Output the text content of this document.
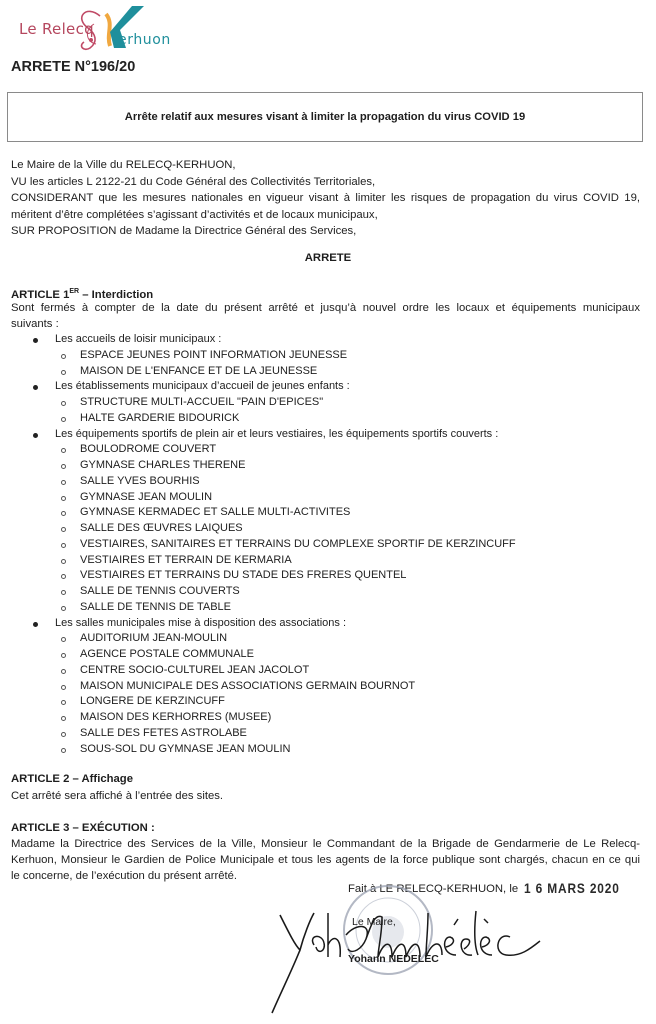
Le Relecq
erhuon
ARRETE N°196/20
Arrête relatif aux mesures visant à limiter la propagation du virus COVID 19
Le Maire de la Ville du RELECQ-KERHUON,
VU les articles L 2122-21 du Code Général des Collectivités Territoriales,
CONSIDERANT que les mesures nationales en vigueur visant à limiter les risques de propagation du virus COVID 19,
méritent d’être complétées s’agissant d’activités et de locaux municipaux,
SUR PROPOSITION de Madame la Directrice Général des Services,
ARRETE
ARTICLE 1ER – Interdiction
Sont fermés à compter de la date du présent arrêté et jusqu’à nouvel ordre les locaux et équipements municipaux
suivants :
Les accueils de loisir municipaux :
ESPACE JEUNES POINT INFORMATION JEUNESSE
MAISON DE L'ENFANCE ET DE LA JEUNESSE
Les établissements municipaux d’accueil de jeunes enfants :
STRUCTURE MULTI-ACCUEIL "PAIN D'EPICES"
HALTE GARDERIE BIDOURICK
Les équipements sportifs de plein air et leurs vestiaires, les équipements sportifs couverts :
BOULODROME COUVERT
GYMNASE CHARLES THERENE
SALLE YVES BOURHIS
GYMNASE JEAN MOULIN
GYMNASE KERMADEC ET SALLE MULTI-ACTIVITES
SALLE DES ŒUVRES LAIQUES
VESTIAIRES, SANITAIRES ET TERRAINS DU COMPLEXE SPORTIF DE KERZINCUFF
VESTIAIRES ET TERRAIN DE KERMARIA
VESTIAIRES ET TERRAINS DU STADE DES FRERES QUENTEL
SALLE DE TENNIS COUVERTS
SALLE DE TENNIS DE TABLE
Les salles municipales mise à disposition des associations :
AUDITORIUM JEAN-MOULIN
AGENCE POSTALE COMMUNALE
CENTRE SOCIO-CULTUREL JEAN JACOLOT
MAISON MUNICIPALE DES ASSOCIATIONS GERMAIN BOURNOT
LONGERE DE KERZINCUFF
MAISON DES KERHORRES (MUSEE)
SALLE DES FETES ASTROLABE
SOUS-SOL DU GYMNASE JEAN MOULIN
ARTICLE 2 – Affichage
Cet arrêté sera affiché à l’entrée des sites.
ARTICLE 3 – EXÉCUTION :
Madame la Directrice des Services de la Ville, Monsieur le Commandant de la Brigade de Gendarmerie de Le Relecq-
Kerhuon, Monsieur le Gardien de Police Municipale et tous les agents de la force publique sont chargés, chacun en ce qui
le concerne, de l’exécution du présent arrêté.
Fait à LE RELECQ-KERHUON, le 1 6 MARS 2020
Le Maire,
Yohann NEDELEC
